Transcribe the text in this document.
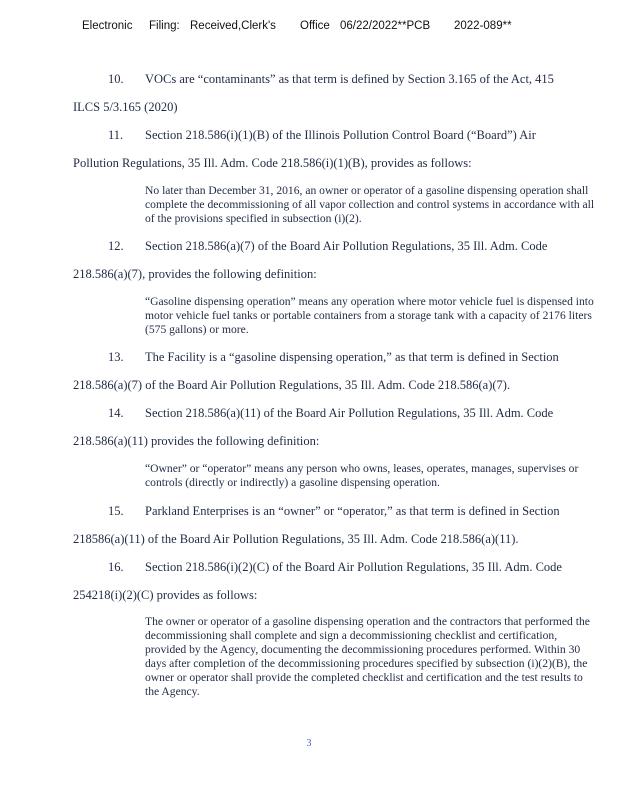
Electronic Filing: Received,Clerk's Office 06/22/2022**PCB 2022-089**
10. VOCs are “contaminants” as that term is defined by Section 3.165 of the Act, 415
ILCS 5/3.165 (2020)
11. Section 218.586(i)(1)(B) of the Illinois Pollution Control Board (“Board”) Air
Pollution Regulations, 35 Ill. Adm. Code 218.586(i)(1)(B), provides as follows:
No later than December 31, 2016, an owner or operator of a gasoline dispensing operation shall complete the decommissioning of all vapor collection and control systems in accordance with all of the provisions specified in subsection (i)(2).
12. Section 218.586(a)(7) of the Board Air Pollution Regulations, 35 Ill. Adm. Code
218.586(a)(7), provides the following definition:
“Gasoline dispensing operation” means any operation where motor vehicle fuel is dispensed into motor vehicle fuel tanks or portable containers from a storage tank with a capacity of 2176 liters (575 gallons) or more.
13. The Facility is a “gasoline dispensing operation,” as that term is defined in Section
218.586(a)(7) of the Board Air Pollution Regulations, 35 Ill. Adm. Code 218.586(a)(7).
14. Section 218.586(a)(11) of the Board Air Pollution Regulations, 35 Ill. Adm. Code
218.586(a)(11) provides the following definition:
“Owner” or “operator” means any person who owns, leases, operates, manages, supervises or controls (directly or indirectly) a gasoline dispensing operation.
15. Parkland Enterprises is an “owner” or “operator,” as that term is defined in Section
218586(a)(11) of the Board Air Pollution Regulations, 35 Ill. Adm. Code 218.586(a)(11).
16. Section 218.586(i)(2)(C) of the Board Air Pollution Regulations, 35 Ill. Adm. Code
254218(i)(2)(C) provides as follows:
The owner or operator of a gasoline dispensing operation and the contractors that performed the decommissioning shall complete and sign a decommissioning checklist and certification, provided by the Agency, documenting the decommissioning procedures performed. Within 30 days after completion of the decommissioning procedures specified by subsection (i)(2)(B), the owner or operator shall provide the completed checklist and certification and the test results to the Agency.
3
